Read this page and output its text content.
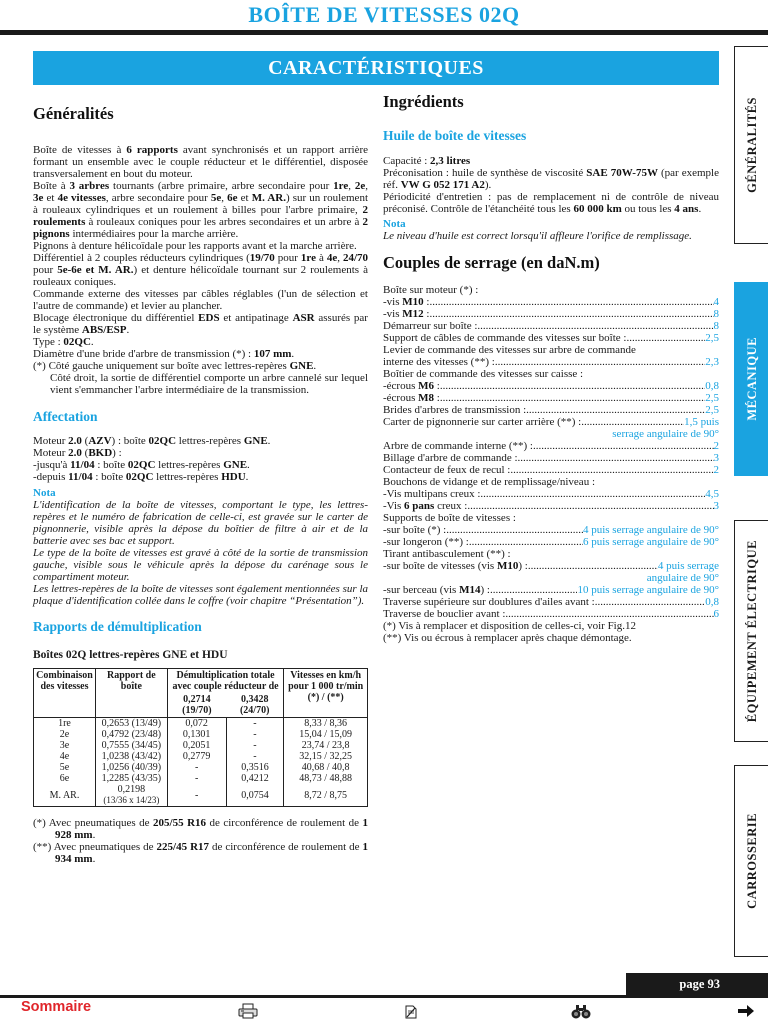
BOÎTE DE VITESSES 02Q
CARACTÉRISTIQUES
Généralités

Boîte de vitesses à 6 rapports avant synchronisés et un rapport arrière formant un ensemble avec le couple réducteur et le différentiel, disposée transversalement en bout du moteur.

Boîte à 3 arbres tournants (arbre primaire, arbre secondaire pour 1re, 2e, 3e et 4e vitesses, arbre secondaire pour 5e, 6e et M. AR.) sur un roulement à rouleaux cylindriques et un roulement à billes pour l'arbre primaire, 2 roulements à rouleaux coniques pour les arbres secondaires et un arbre à 2 pignons intermédiaires pour la marche arrière.

Pignons à denture hélicoïdale pour les rapports avant et la marche arrière.

Différentiel à 2 couples réducteurs cylindriques (19/70 pour 1re à 4e, 24/70 pour 5e-6e et M. AR.) et denture hélicoïdale tournant sur 2 roulements à rouleaux coniques.

Commande externe des vitesses par câbles réglables (l'un de sélection et l'autre de commande) et levier au plancher.

Blocage électronique du différentiel EDS et antipatinage ASR assurés par le système ABS/ESP.

Type : 02QC.

Diamètre d'une bride d'arbre de transmission (*) : 107 mm.

(*) Côté gauche uniquement sur boîte avec lettres-repères GNE.

Côté droit, la sortie de différentiel comporte un arbre cannelé sur lequel vient s'emmancher l'arbre intermédiaire de la transmission.

Affectation

Moteur 2.0 (AZV) : boîte 02QC lettres-repères GNE.

Moteur 2.0 (BKD) :

-jusqu'à 11/04 : boîte 02QC lettres-repères GNE.

-depuis 11/04 : boîte 02QC lettres-repères HDU.

Nota

L'identification de la boîte de vitesses, comportant le type, les lettres-repères et le numéro de fabrication de celle-ci, est gravée sur le carter de pignonnerie, visible après la dépose du boîtier de filtre à air et de la batterie avec ses bac et support.

Le type de la boîte de vitesses est gravé à côté de la sortie de transmission gauche, visible sous le véhicule après la dépose du carénage sous le compartiment moteur.

Les lettres-repères de la boîte de vitesses sont également mentionnées sur la plaque d'identification collée dans le coffre (voir chapitre “Présentation”).

Rapports de démultiplication

Boîtes 02Q lettres-repères GNE et HDU

Combinaison des vitesses	Rapport de boîte	Démultiplication totale avec couple réducteur de		Vitesses en km/h pour 1 000 tr/min (*) / (**)
		0,2714 (19/70)	0,3428 (24/70)	
1re	0,2653 (13/49)	0,072	-	8,33 / 8,36
2e	0,4792 (23/48)	0,1301	-	15,04 / 15,09
3e	0,7555 (34/45)	0,2051	-	23,74 / 23,8
4e	1,0238 (43/42)	0,2779	-	32,15 / 32,25
5e	1,0256 (40/39)	-	0,3516	40,68 / 40,8
6e	1,2285 (43/35)	-	0,4212	48,73 / 48,88
M. AR.	0,2198
(13/36 x 14/23)	-	0,0754	8,72 / 8,75

(*) Avec pneumatiques de 205/55 R16 de circonférence de roulement de 1 928 mm.

(**) Avec pneumatiques de 225/45 R17 de circonférence de roulement de 1 934 mm.

Ingrédients
Huile de boîte de vitesses

Capacité : 2,3 litres

Préconisation : huile de synthèse de viscosité SAE 70W-75W (par exemple réf. VW G 052 171 A2).

Périodicité d'entretien : pas de remplacement ni de contrôle de niveau préconisé. Contrôle de l'étanchéité tous les 60 000 km ou tous les 4 ans.

Nota

Le niveau d'huile est correct lorsqu'il affleure l'orifice de remplissage.

Couples de serrage (en daN.m)

Boîte sur moteur (*) :

-vis M10 : .....	4
-vis M12 : .....	8
Démarreur sur boîte : .....	8
Support de câbles de commande des vitesses sur boîte : .....	2,5

Levier de commande des vitesses sur arbre de commande

interne des vitesses (**) : .....	2,3

Boîtier de commande des vitesses sur caisse :

-écrous M6 : .....	0,8
-écrous M8 : .....	2,5
Brides d'arbres de transmission : .....	2,5
Carter de pignonnerie sur carter arrière (**) : .....	1,5 puis

serrage angulaire de 90°

Arbre de commande interne (**) : .....	2
Billage d'arbre de commande : .....	3
Contacteur de feux de recul : .....	2

Bouchons de vidange et de remplissage/niveau :

-Vis multipans creux : .....	4,5
-Vis 6 pans creux : .....	3

Supports de boîte de vitesses :

-sur boîte (*) : .....	4 puis serrage angulaire de 90°
-sur longeron (**) : .....	6 puis serrage angulaire de 90°

Tirant antibasculement (**) :

-sur boîte de vitesses (vis M10) : .....	4 puis serrage

angulaire de 90°

-sur berceau (vis M14) : .....	10 puis serrage angulaire de 90°
Traverse supérieure sur doublures d'ailes avant : .....	0,8
Traverse de bouclier avant : .....	6

(*) Vis à remplacer et disposition de celles-ci, voir Fig.12

(**) Vis ou écrous à remplacer après chaque démontage.

GÉNÉRALITÉS
MÉCANIQUE
ÉQUIPEMENT ÉLECTRIQUE
CARROSSERIE
page 93
Sommaire
